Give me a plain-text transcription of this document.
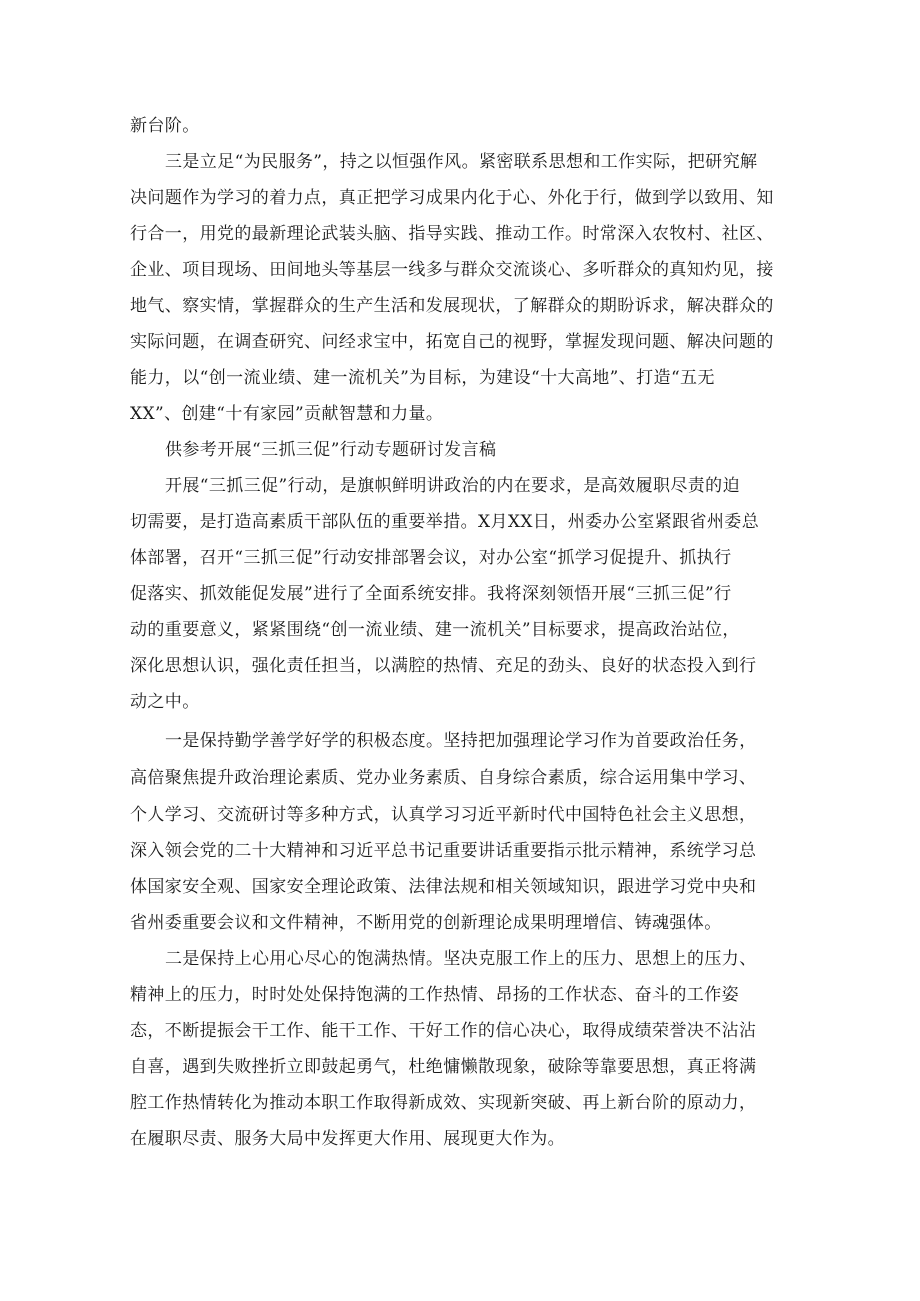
新台阶。

三是立足“为民服务”，持之以恒强作风。紧密联系思想和工作实际，把研究解

决问题作为学习的着力点，真正把学习成果内化于心、外化于行，做到学以致用、知

行合一，用党的最新理论武装头脑、指导实践、推动工作。时常深入农牧村、社区、

企业、项目现场、田间地头等基层一线多与群众交流谈心、多听群众的真知灼见，接

地气、察实情，掌握群众的生产生活和发展现状，了解群众的期盼诉求，解决群众的

实际问题，在调查研究、问经求宝中，拓宽自己的视野，掌握发现问题、解决问题的

能力，以“创一流业绩、建一流机关”为目标，为建设“十大高地”、打造“五无

XX”、创建“十有家园”贡献智慧和力量。

供参考开展“三抓三促”行动专题研讨发言稿

开展“三抓三促”行动，是旗帜鲜明讲政治的内在要求，是高效履职尽责的迫

切需要，是打造高素质干部队伍的重要举措。X月XX日，州委办公室紧跟省州委总

体部署，召开“三抓三促”行动安排部署会议，对办公室“抓学习促提升、抓执行

促落实、抓效能促发展”进行了全面系统安排。我将深刻领悟开展“三抓三促”行

动的重要意义，紧紧围绕“创一流业绩、建一流机关”目标要求，提高政治站位，

深化思想认识，强化责任担当，以满腔的热情、充足的劲头、良好的状态投入到行

动之中。

一是保持勤学善学好学的积极态度。坚持把加强理论学习作为首要政治任务，

高倍聚焦提升政治理论素质、党办业务素质、自身综合素质，综合运用集中学习、

个人学习、交流研讨等多种方式，认真学习习近平新时代中国特色社会主义思想，

深入领会党的二十大精神和习近平总书记重要讲话重要指示批示精神，系统学习总

体国家安全观、国家安全理论政策、法律法规和相关领域知识，跟进学习党中央和

省州委重要会议和文件精神，不断用党的创新理论成果明理增信、铸魂强体。

二是保持上心用心尽心的饱满热情。坚决克服工作上的压力、思想上的压力、

精神上的压力，时时处处保持饱满的工作热情、昂扬的工作状态、奋斗的工作姿

态，不断提振会干工作、能干工作、干好工作的信心决心，取得成绩荣誉决不沾沾

自喜，遇到失败挫折立即鼓起勇气，杜绝慵懒散现象，破除等靠要思想，真正将满

腔工作热情转化为推动本职工作取得新成效、实现新突破、再上新台阶的原动力，

在履职尽责、服务大局中发挥更大作用、展现更大作为。
